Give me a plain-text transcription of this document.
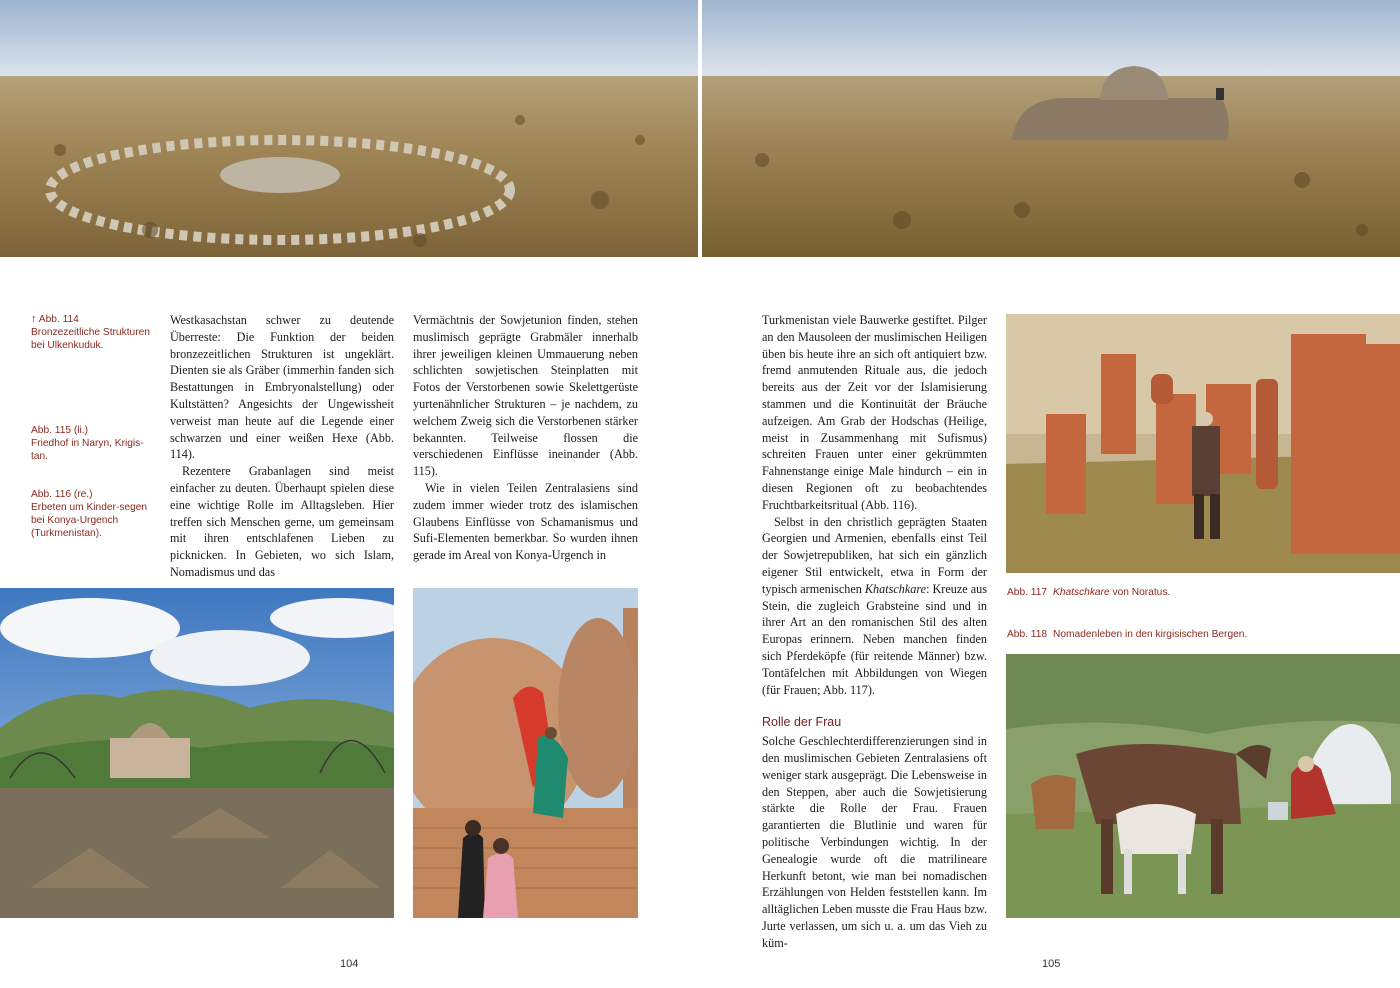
↑ Abb. 114
Bronzezeitliche Strukturen bei Ulkenkuduk.
Abb. 115 (li.)
Friedhof in Naryn, Krigis-tan.
Abb. 116 (re.)
Erbeten um Kinder-segen bei Konya-Urgench (Turkmenistan).

Westkasachstan schwer zu deutende Überreste: Die Funktion der beiden bronzezeitlichen Strukturen ist ungeklärt. Dienten sie als Gräber (immerhin fanden sich Bestattungen in Embryonalstellung) oder Kultstätten? Angesichts der Ungewissheit verweist man heute auf die Legende einer schwarzen und einer weißen Hexe (Abb. 114).

Rezentere Grabanlagen sind meist einfacher zu deuten. Überhaupt spielen diese eine wichtige Rolle im Alltagsleben. Hier treffen sich Menschen gerne, um gemeinsam mit ihren entschlafenen Lieben zu picknicken. In Gebieten, wo sich Islam, Nomadismus und das

Vermächtnis der Sowjetunion finden, stehen muslimisch geprägte Grabmäler innerhalb ihrer jeweiligen kleinen Ummauerung neben schlichten sowjetischen Steinplatten mit Fotos der Verstorbenen sowie Skelettgerüste yurtenähnlicher Strukturen – je nachdem, zu welchem Zweig sich die Verstorbenen stärker bekannten. Teilweise flossen die verschiedenen Einflüsse ineinander (Abb. 115).

Wie in vielen Teilen Zentralasiens sind zudem immer wieder trotz des islamischen Glaubens Einflüsse von Schamanismus und Sufi-Elementen bemerkbar. So wurden ihnen gerade im Areal von Konya-Urgench in

Turkmenistan viele Bauwerke gestiftet. Pilger an den Mausoleen der muslimischen Heiligen üben bis heute ihre an sich oft antiquiert bzw. fremd anmutenden Rituale aus, die jedoch bereits aus der Zeit vor der Islamisierung stammen und die Kontinuität der Bräuche aufzeigen. Am Grab der Hodschas (Heilige, meist in Zusammenhang mit Sufismus) schreiten Frauen unter einer gekrümmten Fahnenstange einige Male hindurch – ein in diesen Regionen oft zu beobachtendes Fruchtbarkeitsritual (Abb. 116).

Selbst in den christlich geprägten Staaten Georgien und Armenien, ebenfalls einst Teil der Sowjetrepubliken, hat sich ein gänzlich eigener Stil entwickelt, etwa in Form der typisch armenischen Khatschkare: Kreuze aus Stein, die zugleich Grabsteine sind und in ihrer Art an den romanischen Stil des alten Europas erinnern. Neben manchen finden sich Pferdeköpfe (für reitende Männer) bzw. Tontäfelchen mit Abbildungen von Wiegen (für Frauen; Abb. 117).

Rolle der Frau

Solche Geschlechterdifferenzierungen sind in den muslimischen Gebieten Zentralasiens oft weniger stark ausgeprägt. Die Lebensweise in den Steppen, aber auch die Sowjetisierung stärkte die Rolle der Frau. Frauen garantierten die Blutlinie und waren für politische Verbindungen wichtig. In der Genealogie wurde oft die matrilineare Herkunft betont, wie man bei nomadischen Erzählungen von Helden feststellen kann. Im alltäglichen Leben musste die Frau Haus bzw. Jurte verlassen, um sich u. a. um das Vieh zu küm-

Abb. 117 Khatschkare von Noratus.
Abb. 118 Nomadenleben in den kirgisischen Bergen.
104	105
